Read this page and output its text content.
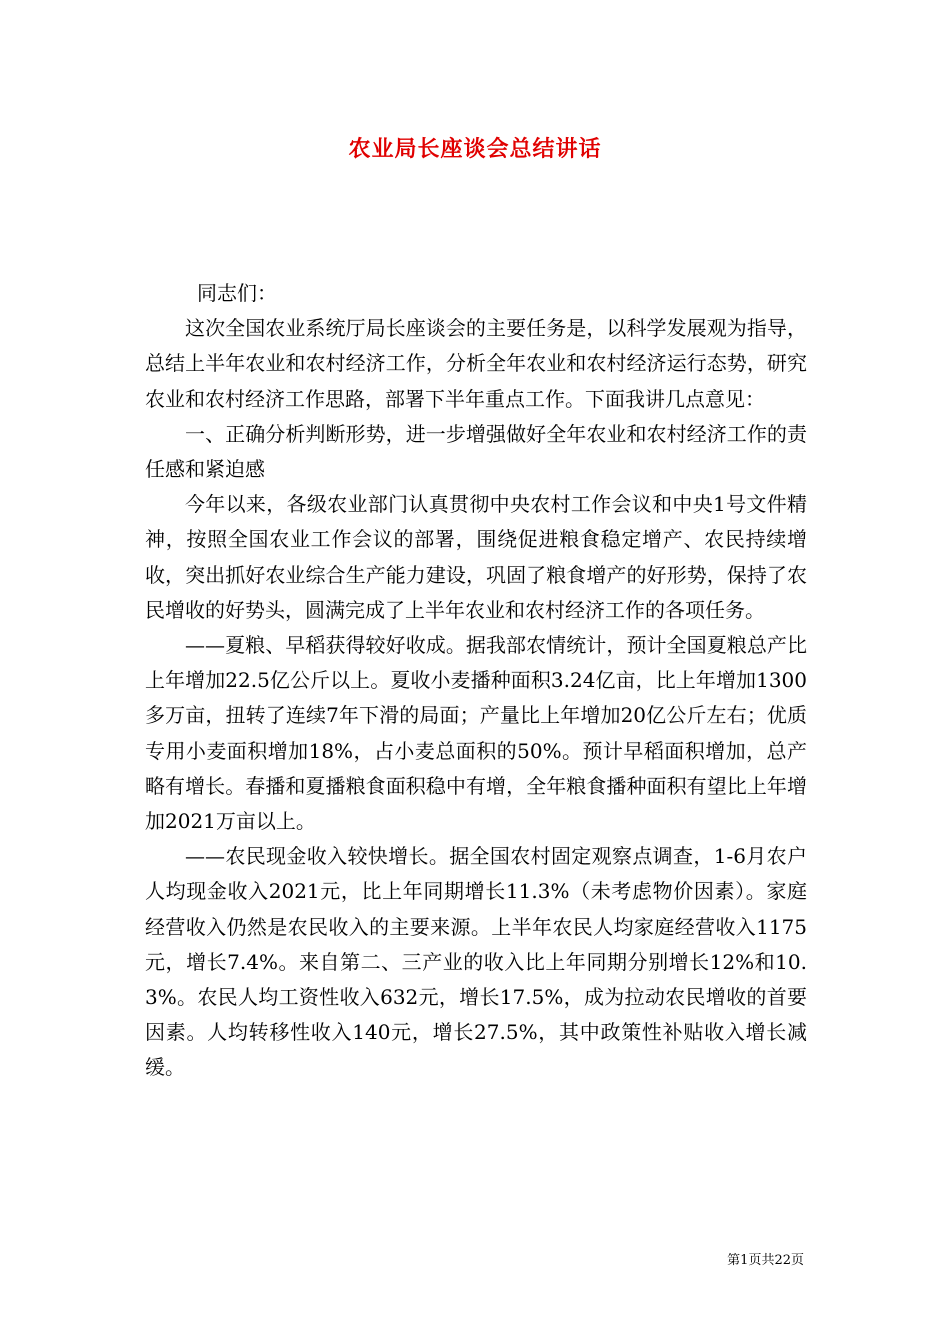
农业局长座谈会总结讲话

同志们：

这次全国农业系统厅局长座谈会的主要任务是，以科学发展观为指导，总结上半年农业和农村经济工作，分析全年农业和农村经济运行态势，研究农业和农村经济工作思路，部署下半年重点工作。下面我讲几点意见：

一、正确分析判断形势，进一步增强做好全年农业和农村经济工作的责任感和紧迫感

今年以来，各级农业部门认真贯彻中央农村工作会议和中央1号文件精神，按照全国农业工作会议的部署，围绕促进粮食稳定增产、农民持续增收，突出抓好农业综合生产能力建设，巩固了粮食增产的好形势，保持了农民增收的好势头，圆满完成了上半年农业和农村经济工作的各项任务。

——夏粮、早稻获得较好收成。据我部农情统计，预计全国夏粮总产比上年增加22.5亿公斤以上。夏收小麦播种面积3.24亿亩，比上年增加1300多万亩，扭转了连续7年下滑的局面；产量比上年增加20亿公斤左右；优质专用小麦面积增加18%，占小麦总面积的50%。预计早稻面积增加，总产略有增长。春播和夏播粮食面积稳中有增，全年粮食播种面积有望比上年增加2021万亩以上。

——农民现金收入较快增长。据全国农村固定观察点调查，1-6月农户人均现金收入2021元，比上年同期增长11.3%（未考虑物价因素）。家庭经营收入仍然是农民收入的主要来源。上半年农民人均家庭经营收入1175元，增长7.4%。来自第二、三产业的收入比上年同期分别增长12%和10.3%。农民人均工资性收入632元，增长17.5%，成为拉动农民增收的首要因素。人均转移性收入140元，增长27.5%，其中政策性补贴收入增长减缓。

第1页共22页
